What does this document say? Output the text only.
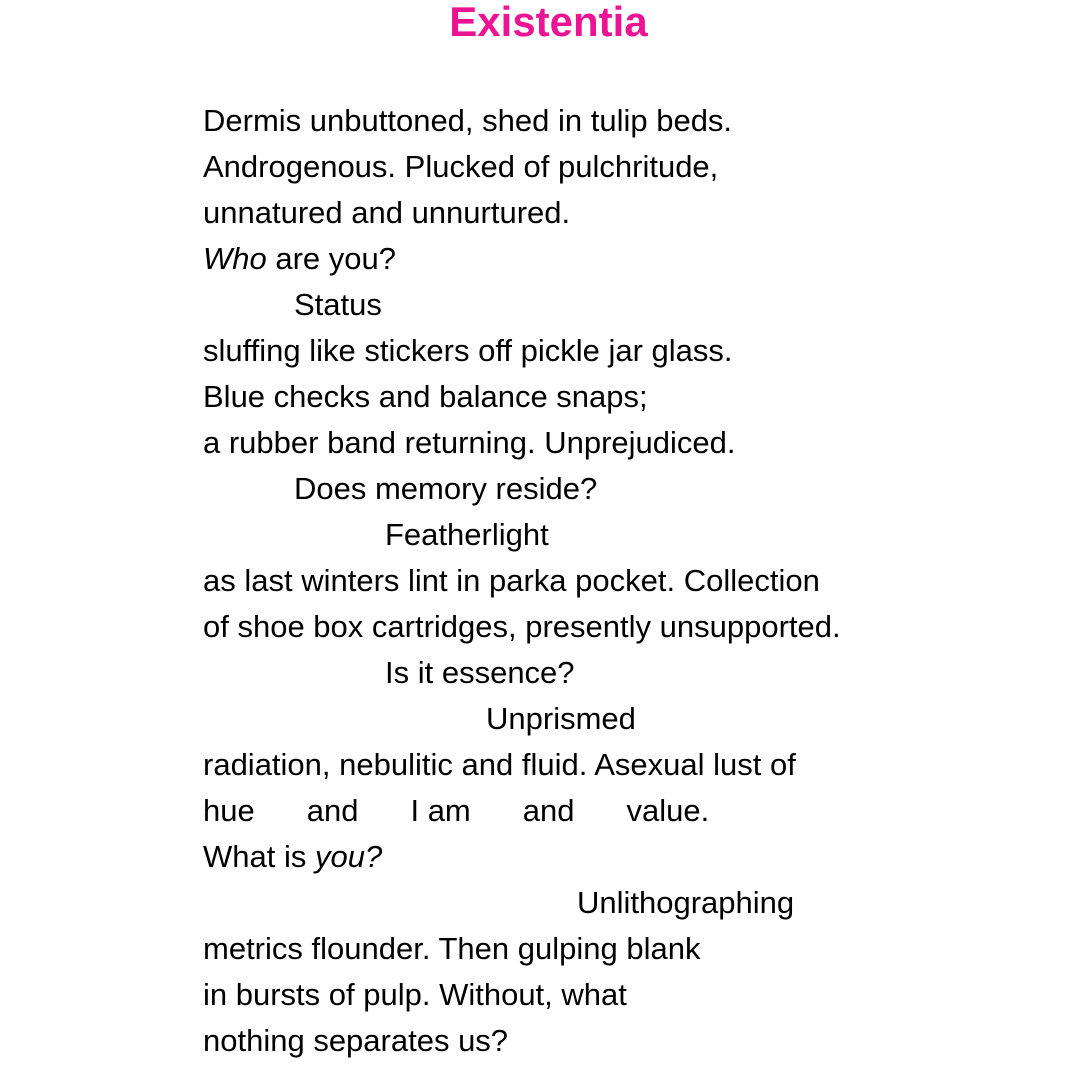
Existentia
Dermis unbuttoned, shed in tulip beds.
Androgenous. Plucked of pulchritude,
unnatured and unnurtured.
Who are you?
Status
sluffing like stickers off pickle jar glass.
Blue checks and balance snaps;
a rubber band returning. Unprejudiced.
Does memory reside?
Featherlight
as last winters lint in parka pocket. Collection
of shoe box cartridges, presently unsupported.
Is it essence?
Unprismed
radiation, nebulitic and fluid. Asexual lust of
hue and I am and value.
What is you?
Unlithographing
metrics flounder. Then gulping blank
in bursts of pulp. Without, what
nothing separates us?
